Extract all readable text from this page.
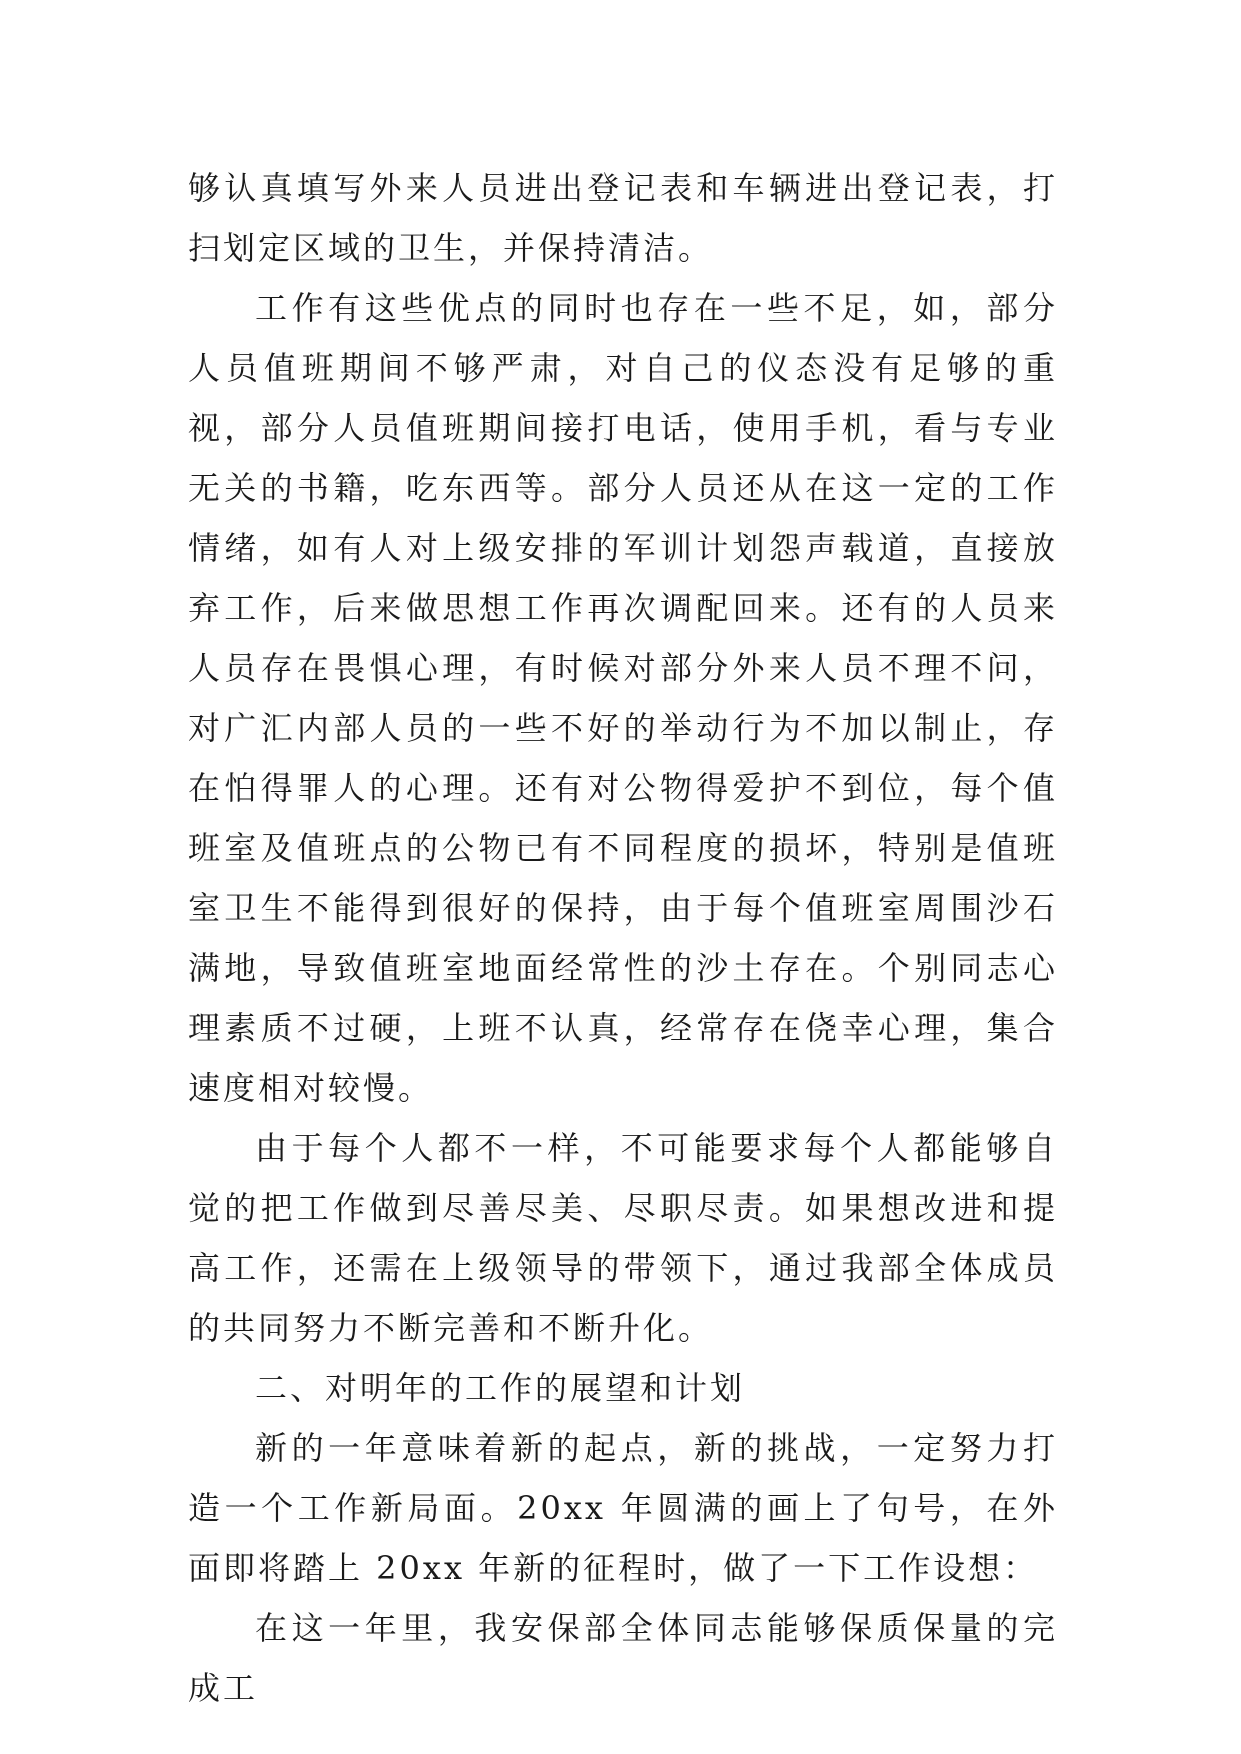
够认真填写外来人员进出登记表和车辆进出登记表，打扫划定区域的卫生，并保持清洁。

工作有这些优点的同时也存在一些不足，如，部分人员值班期间不够严肃，对自己的仪态没有足够的重视，部分人员值班期间接打电话，使用手机，看与专业无关的书籍，吃东西等。部分人员还从在这一定的工作情绪，如有人对上级安排的军训计划怨声载道，直接放弃工作，后来做思想工作再次调配回来。还有的人员来人员存在畏惧心理，有时候对部分外来人员不理不问，对广汇内部人员的一些不好的举动行为不加以制止，存在怕得罪人的心理。还有对公物得爱护不到位，每个值班室及值班点的公物已有不同程度的损坏，特别是值班室卫生不能得到很好的保持，由于每个值班室周围沙石满地，导致值班室地面经常性的沙土存在。个别同志心理素质不过硬，上班不认真，经常存在侥幸心理，集合速度相对较慢。

由于每个人都不一样，不可能要求每个人都能够自觉的把工作做到尽善尽美、尽职尽责。如果想改进和提高工作，还需在上级领导的带领下，通过我部全体成员的共同努力不断完善和不断升化。

二、对明年的工作的展望和计划

新的一年意味着新的起点，新的挑战，一定努力打造一个工作新局面。20xx 年圆满的画上了句号，在外面即将踏上 20xx 年新的征程时，做了一下工作设想：

在这一年里，我安保部全体同志能够保质保量的完成工
